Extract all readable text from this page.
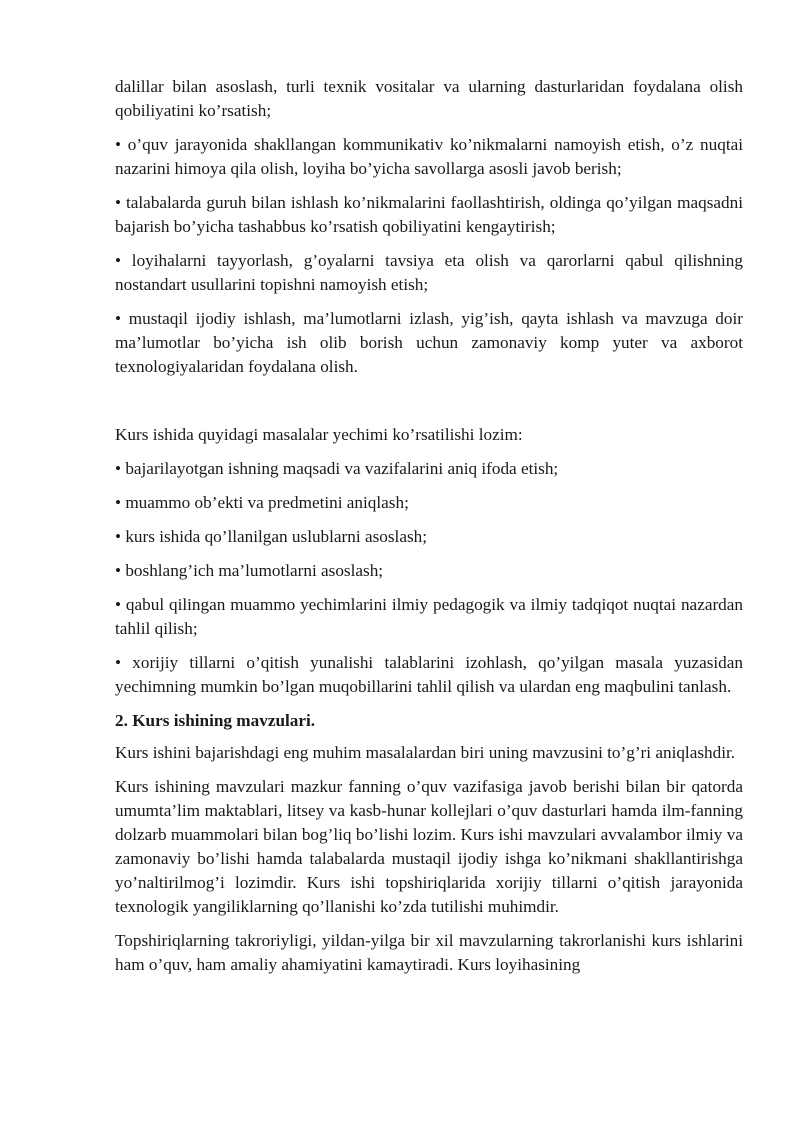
dalillar bilan asoslash, turli texnik vositalar va ularning dasturlaridan foydalana olish qobiliyatini ko’rsatish;

• o’quv jarayonida shakllangan kommunikativ ko’nikmalarni namoyish etish, o’z nuqtai nazarini himoya qila olish, loyiha bo’yicha savollarga asosli javob berish;

• talabalarda guruh bilan ishlash ko’nikmalarini faollashtirish, oldinga qo’yilgan maqsadni bajarish bo’yicha tashabbus ko’rsatish qobiliyatini kengaytirish;

• loyihalarni tayyorlash, g’oyalarni tavsiya eta olish va qarorlarni qabul qilishning nostandart usullarini topishni namoyish etish;

• mustaqil ijodiy ishlash, ma’lumotlarni izlash, yig’ish, qayta ishlash va mavzuga doir ma’lumotlar bo’yicha ish olib borish uchun zamonaviy komp yuter va axborot texnologiyalaridan foydalana olish.

Kurs ishida quyidagi masalalar yechimi ko’rsatilishi lozim:

• bajarilayotgan ishning maqsadi va vazifalarini aniq ifoda etish;

• muammo ob’ekti va predmetini aniqlash;

• kurs ishida qo’llanilgan uslublarni asoslash;

• boshlang’ich ma’lumotlarni asoslash;

• qabul qilingan muammo yechimlarini ilmiy pedagogik va ilmiy tadqiqot nuqtai nazardan tahlil qilish;

• xorijiy tillarni o’qitish yunalishi talablarini izohlash, qo’yilgan masala yuzasidan yechimning mumkin bo’lgan muqobillarini tahlil qilish va ulardan eng maqbulini tanlash.

2. Kurs ishining mavzulari.

Kurs ishini bajarishdagi eng muhim masalalardan biri uning mavzusini to’g’ri aniqlashdir.

Kurs ishining mavzulari mazkur fanning o’quv vazifasiga javob berishi bilan bir qatorda umumta’lim maktablari, litsey va kasb-hunar kollejlari o’quv dasturlari hamda ilm-fanning dolzarb muammolari bilan bog’liq bo’lishi lozim. Kurs ishi mavzulari avvalambor ilmiy va zamonaviy bo’lishi hamda talabalarda mustaqil ijodiy ishga ko’nikmani shakllantirishga yo’naltirilmog’i lozimdir. Kurs ishi topshiriqlarida xorijiy tillarni o’qitish jarayonida texnologik yangiliklarning qo’llanishi ko’zda tutilishi muhimdir.

Topshiriqlarning takroriyligi, yildan-yilga bir xil mavzularning takrorlanishi kurs ishlarini ham o’quv, ham amaliy ahamiyatini kamaytiradi. Kurs loyihasining
